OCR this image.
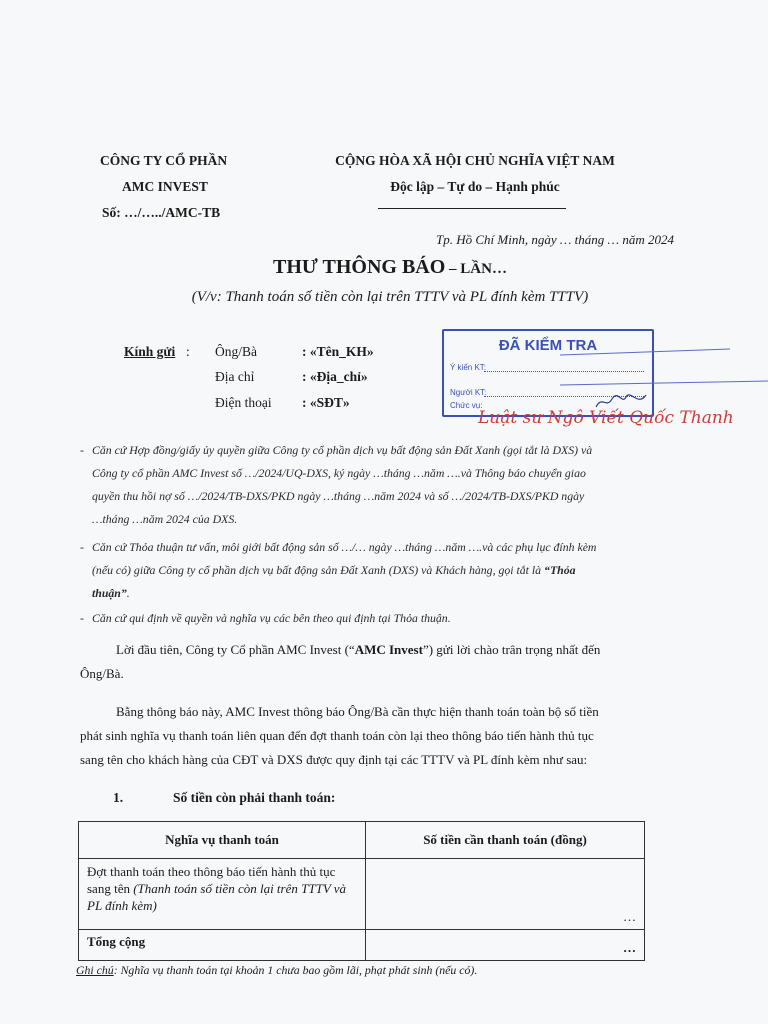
CÔNG TY CỔ PHẦN
AMC INVEST
Số: …/…../AMC-TB
CỘNG HÒA XÃ HỘI CHỦ NGHĨA VIỆT NAM
Độc lập – Tự do – Hạnh phúc
Tp. Hồ Chí Minh, ngày … tháng … năm 2024
THƯ THÔNG BÁO – LẦN…
(V/v: Thanh toán số tiền còn lại trên TTTV và PL đính kèm TTTV)
Kính gửi : Ông/Bà	: «Tên_KH»
Địa chỉ	: «Địa_chỉ»
Điện thoại : «SĐT»
ĐÃ KIỂM TRA
Ý kiến KT:
Người KT:
Chức vụ:
Luật sư Ngô Viết Quốc Thanh
- Căn cứ Hợp đồng/giấy ủy quyền giữa Công ty cổ phần dịch vụ bất động sản Đất Xanh (gọi tắt là DXS) và
Công ty cổ phần AMC Invest số …/2024/UQ-DXS, ký ngày …tháng …năm ….và Thông báo chuyển giao
quyền thu hồi nợ số …/2024/TB-DXS/PKD ngày …tháng …năm 2024 và số …/2024/TB-DXS/PKD ngày
…tháng …năm 2024 của DXS.
- Căn cứ Thỏa thuận tư vấn, môi giới bất động sản số …/… ngày …tháng …năm ….và các phụ lục đính kèm
(nếu có) giữa Công ty cổ phần dịch vụ bất động sản Đất Xanh (DXS) và Khách hàng, gọi tắt là “Thỏa
thuận”.
- Căn cứ qui định về quyền và nghĩa vụ các bên theo qui định tại Thỏa thuận.
Lời đầu tiên, Công ty Cổ phần AMC Invest (“AMC Invest”) gửi lời chào trân trọng nhất đến
Ông/Bà.
Bằng thông báo này, AMC Invest thông báo Ông/Bà cần thực hiện thanh toán toàn bộ số tiền
phát sinh nghĩa vụ thanh toán liên quan đến đợt thanh toán còn lại theo thông báo tiến hành thủ tục
sang tên cho khách hàng của CĐT và DXS được quy định tại các TTTV và PL đính kèm như sau:
1.	Số tiền còn phải thanh toán:
Nghĩa vụ thanh toán	Số tiền cần thanh toán (đồng)
Đợt thanh toán theo thông báo tiến hành thủ tục sang tên (Thanh toán số tiền còn lại trên TTTV và PL đính kèm)	…
Tổng cộng	…
Ghi chú: Nghĩa vụ thanh toán tại khoản 1 chưa bao gồm lãi, phạt phát sinh (nếu có).
